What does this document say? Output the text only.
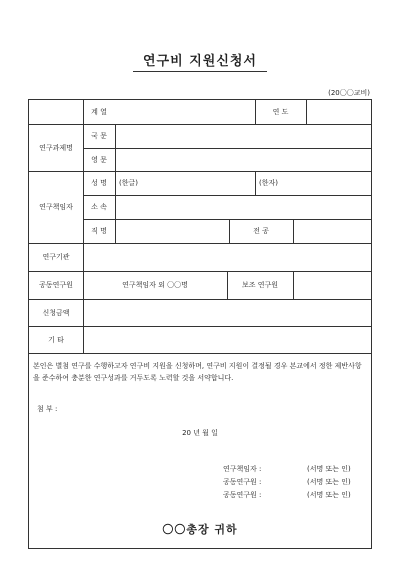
연구비 지원신청서
(20〇〇교비)
계 열	연 도
연구과제명
국 문
영 문
연구책임자
성 명	(한글)	(한자)
소 속
직 명	전 공
연구기관
공동연구원	연구책임자 외 〇〇명	보조 연구원
신청금액
기 타
본인은 별첨 연구를 수행하고자 연구비 지원을 신청하며, 연구비 지원이 결정될 경우 본교에서 정한 제반사항을 준수하여 충분한 연구성과를 거두도록 노력할 것을 서약합니다.
첨 부 :
20 년 월 일
연구책임자 :	(서명 또는 인)
공동연구원 :	(서명 또는 인)
공동연구원 :	(서명 또는 인)
〇〇총장 귀하
